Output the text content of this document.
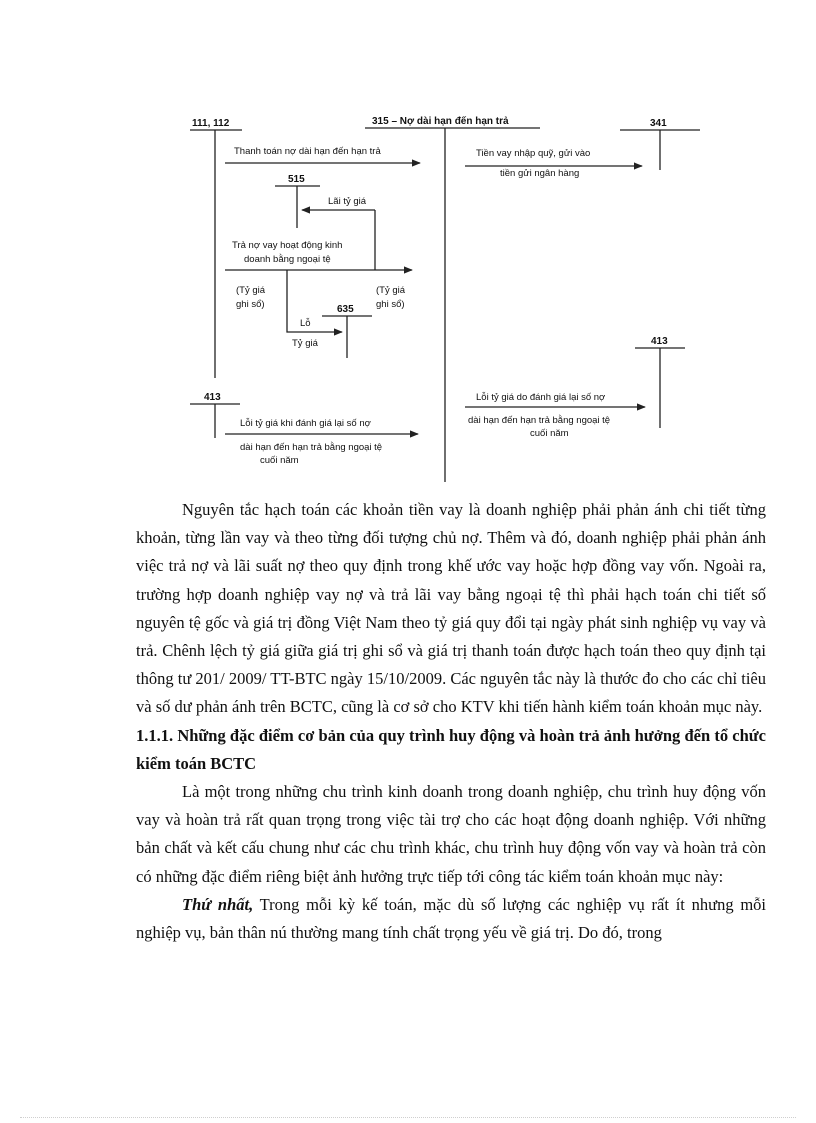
111, 112	315 – Nợ dài hạn đến hạn trả	341
Thanh toán nợ dài hạn đến hạn trả	Tiền vay nhập quỹ, gửi vào
tiền gửi ngân hàng
515
Lãi tỷ giá
Trả nợ vay hoạt động kinh
doanh bằng ngoại tệ
(Tỷ giá
ghi sổ)
(Tỷ giá
ghi sổ)
635
Lỗ
Tỷ giá	413
413
Lỗi tỷ giá khi đánh giá lại số nợ
dài hạn đến hạn trả bằng ngoại tệ
cuối năm
Lỗi tỷ giá do đánh giá lại số nợ
dài hạn đến hạn trả bằng ngoại tệ
cuối năm

Nguyên tắc hạch toán các khoản tiền vay là doanh nghiệp phải phản ánh chi tiết từng khoản, từng lần vay và theo từng đối tượng chủ nợ. Thêm và đó, doanh nghiệp phải phản ánh việc trả nợ và lãi suất nợ theo quy định trong khế ước vay hoặc hợp đồng vay vốn. Ngoài ra, trường hợp doanh nghiệp vay nợ và trả lãi vay bằng ngoại tệ thì phải hạch toán chi tiết số nguyên tệ gốc và giá trị đồng Việt Nam theo tỷ giá quy đổi tại ngày phát sinh nghiệp vụ vay và trả. Chênh lệch tỷ giá giữa giá trị ghi sổ và giá trị thanh toán được hạch toán theo quy định tại thông tư 201/ 2009/ TT-BTC ngày 15/10/2009. Các nguyên tắc này là thước đo cho các chỉ tiêu và số dư phản ánh trên BCTC, cũng là cơ sở cho KTV khi tiến hành kiểm toán khoản mục này.

1.1.1. Những đặc điểm cơ bản của quy trình huy động và hoàn trả ảnh hưởng đến tổ chức kiểm toán BCTC

Là một trong những chu trình kinh doanh trong doanh nghiệp, chu trình huy động vốn vay và hoàn trả rất quan trọng trong việc tài trợ cho các hoạt động doanh nghiệp. Với những bản chất và kết cấu chung như các chu trình khác, chu trình huy động vốn vay và hoàn trả còn có những đặc điểm riêng biệt ảnh hưởng trực tiếp tới công tác kiểm toán khoản mục này:

Thứ nhất, Trong mỗi kỳ kế toán, mặc dù số lượng các nghiệp vụ rất ít nhưng mỗi nghiệp vụ, bản thân nú thường mang tính chất trọng yếu về giá trị. Do đó, trong
